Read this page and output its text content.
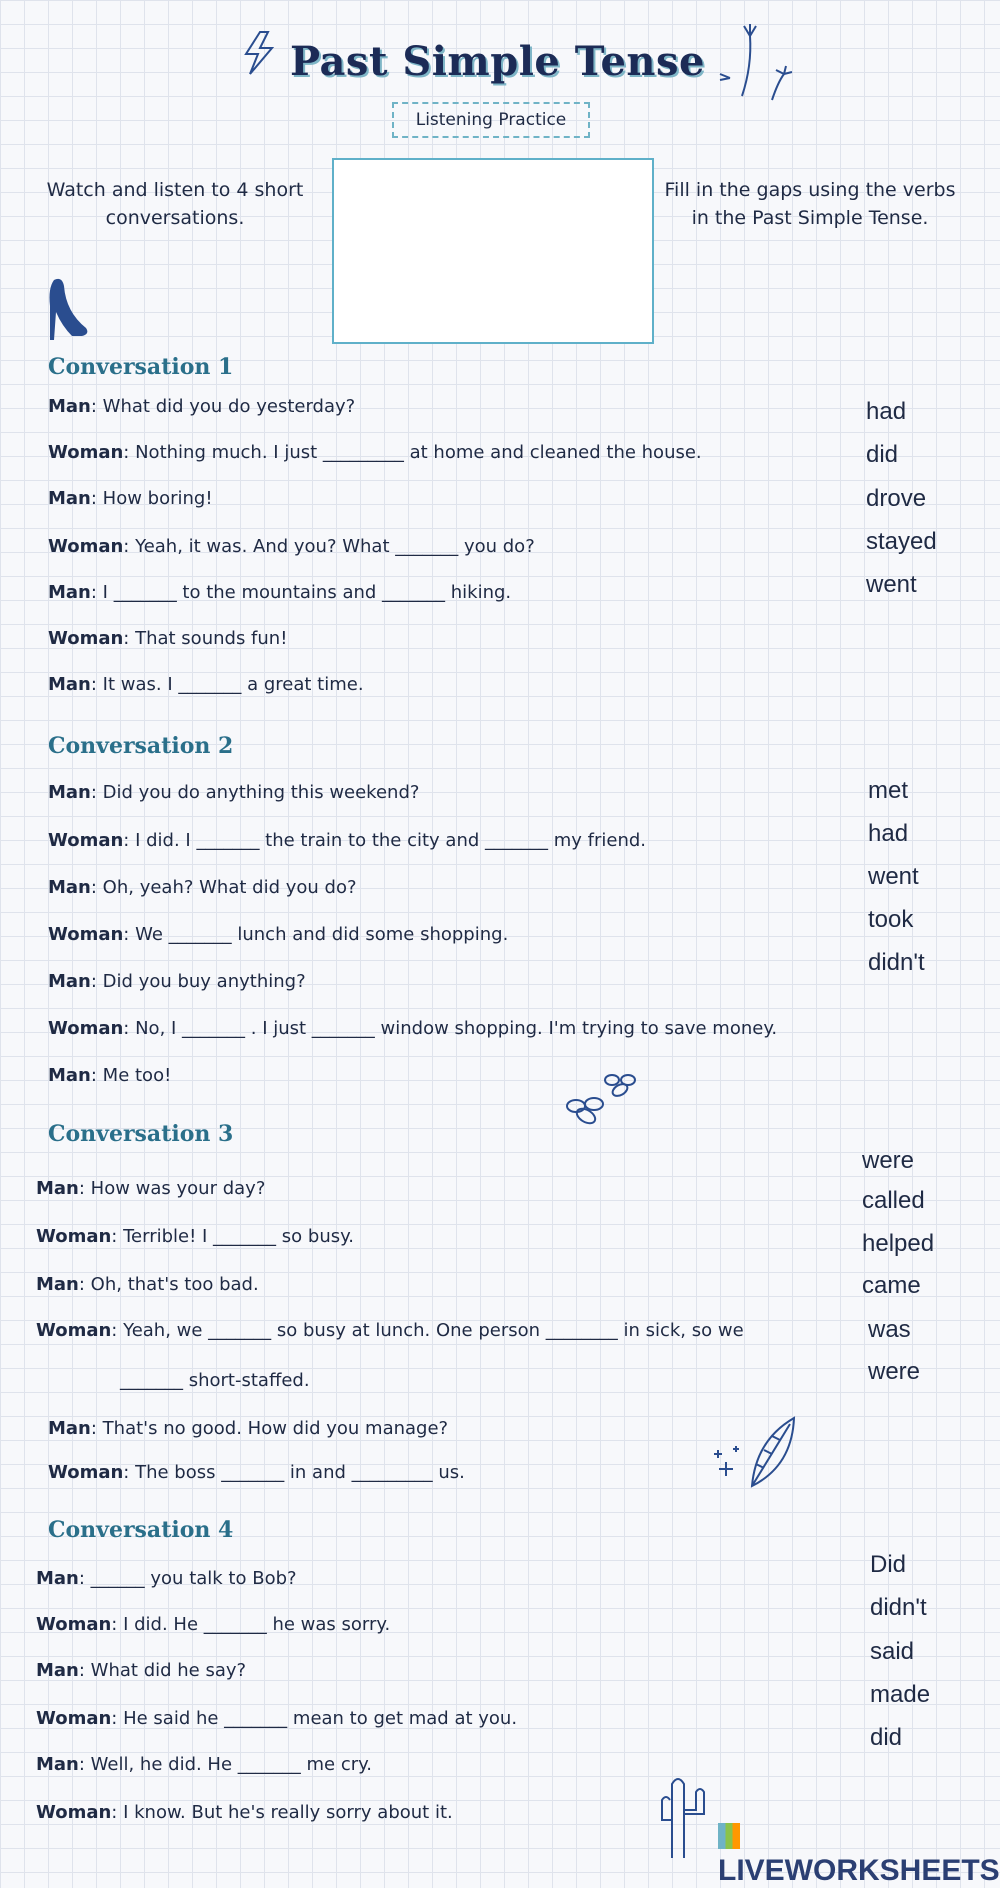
Past Simple Tense
Listening Practice
Watch and listen to 4 short conversations.
Fill in the gaps using the verbs in the Past Simple Tense.
Conversation 1
Man: What did you do yesterday?
Woman: Nothing much. I just _________ at home and cleaned the house.
Man: How boring!
Woman: Yeah, it was. And you? What _______ you do?
Man: I _______ to the mountains and _______ hiking.
Woman: That sounds fun!
Man: It was. I _______ a great time.
had
did
drove
stayed
went
Conversation 2
Man: Did you do anything this weekend?
Woman: I did. I _______ the train to the city and _______ my friend.
Man: Oh, yeah? What did you do?
Woman: We _______ lunch and did some shopping.
Man: Did you buy anything?
Woman: No, I _______ . I just _______ window shopping. I'm trying to save money.
Man: Me too!
met
had
went
took
didn't
Conversation 3
Man: How was your day?
Woman: Terrible! I _______ so busy.
Man: Oh, that's too bad.
Woman: Yeah, we _______ so busy at lunch. One person ________ in sick, so we
_______ short-staffed.
Man: That's no good. How did you manage?
Woman: The boss _______ in and _________ us.
were
called
helped
came
was
were
Conversation 4
Man: ______ you talk to Bob?
Woman: I did. He _______ he was sorry.
Man: What did he say?
Woman: He said he _______ mean to get mad at you.
Man: Well, he did. He _______ me cry.
Woman: I know. But he's really sorry about it.
Did
didn't
said
made
did
LIVEWORKSHEETS
